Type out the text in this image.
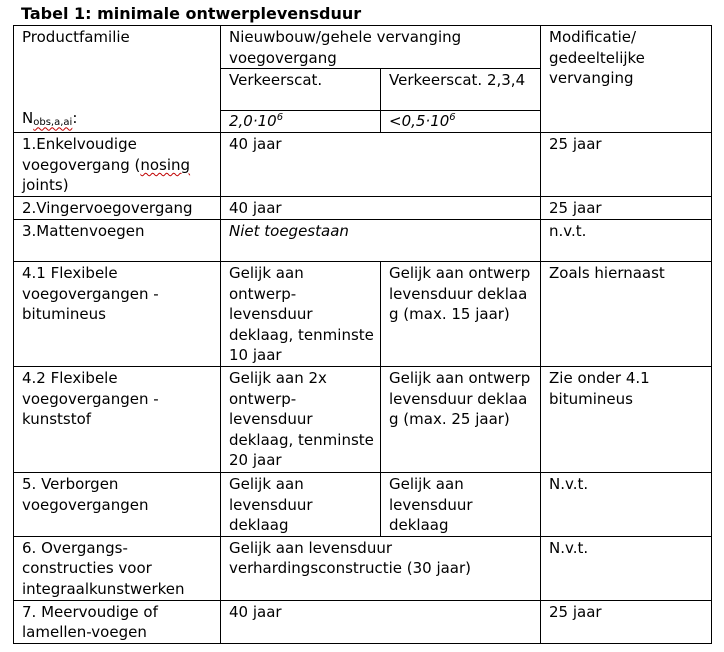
Tabel 1: minimale ontwerplevensduur
Productfamilie
Nobs,a,ai:	Nieuwbouw/gehele vervanging voegovergang		Modificatie/ gedeeltelijke vervanging
	Verkeerscat.	Verkeerscat. 2,3,4	
	$2,0\cdot 10^6$	$<0,5\cdot 10^6$
1.Enkelvoudige voegovergang (nosing joints)	40 jaar		25 jaar
2.Vingervoegovergang	40 jaar		25 jaar
3.Mattenvoegen	Niet toegestaan		n.v.t.
4.1 Flexibele voegovergangen - bitumineus	Gelijk aan ontwerp- levensduur deklaag, tenminste 10 jaar	Gelijk aan ontwerplevensduur deklaag (max. 15 jaar)	Zoals hiernaast
4.2 Flexibele voegovergangen - kunststof	Gelijk aan 2x ontwerp- levensduur deklaag, tenminste 20 jaar	Gelijk aan ontwerplevensduur deklaag (max. 25 jaar)	Zie onder 4.1 bitumineus
5. Verborgen voegovergangen	Gelijk aan levensduur deklaag	Gelijk aan levensduur deklaag	N.v.t.
6. Overgangs- constructies voor integraalkunstwerken	Gelijk aan levensduur verhardingsconstructie (30 jaar)		N.v.t.
7. Meervoudige of lamellen-voegen	40 jaar		25 jaar
